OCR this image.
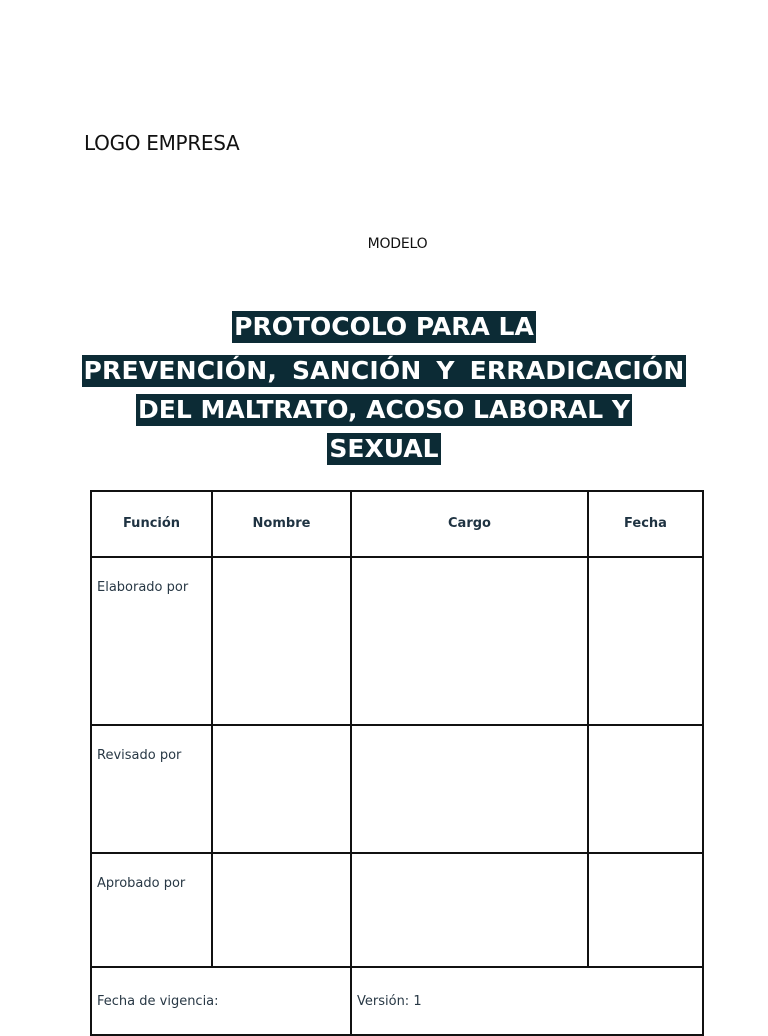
LOGO EMPRESA
MODELO
PROTOCOLO PARA LA
PREVENCIÓN, SANCIÓN Y ERRADICACIÓN
DEL MALTRATO, ACOSO LABORAL Y
SEXUAL
Función	Nombre	Cargo	Fecha
Elaborado por			
Revisado por			
Aprobado por			
Fecha de vigencia:		Versión: 1	
